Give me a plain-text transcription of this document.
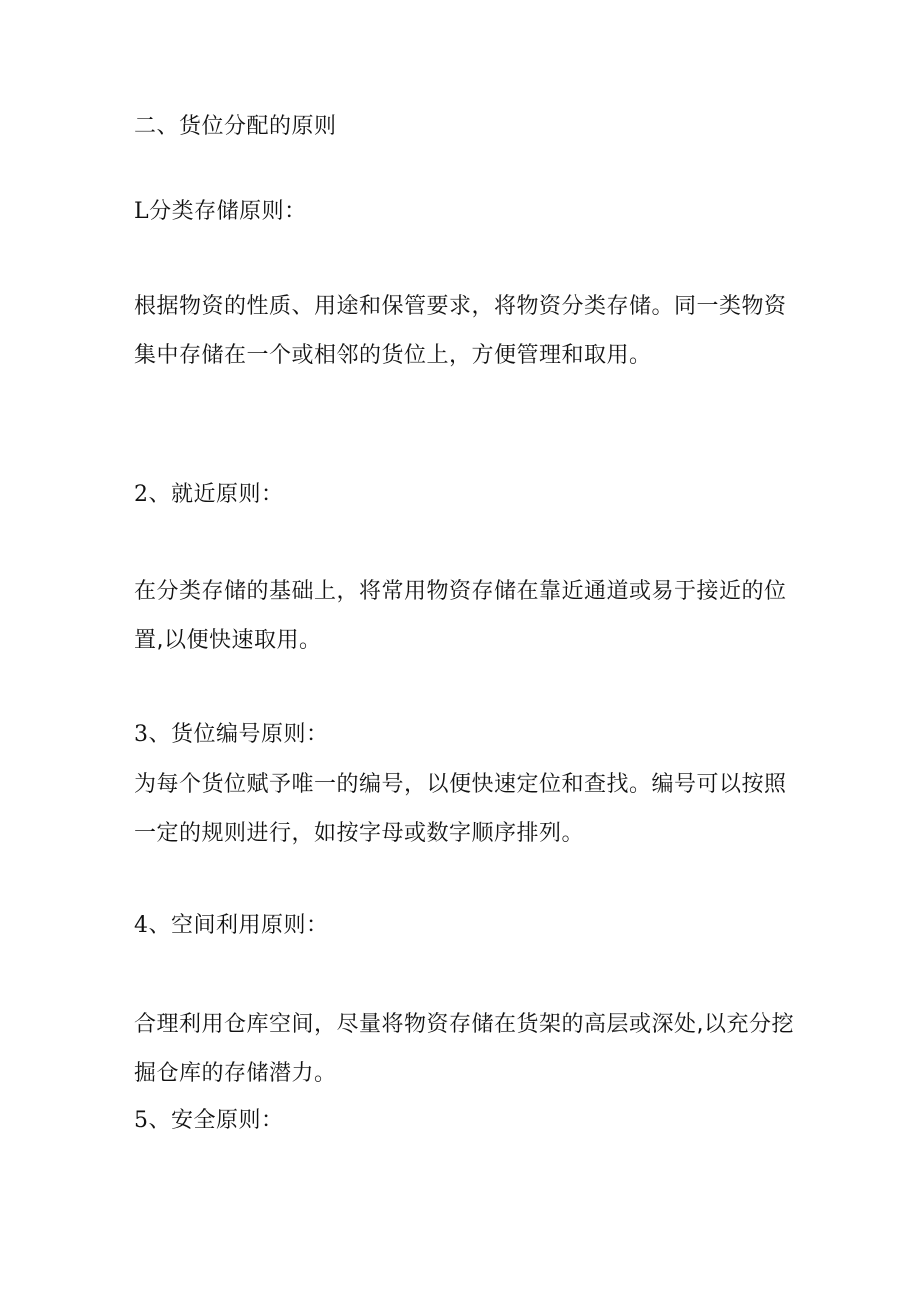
二、货位分配的原则
L分类存储原则：
根据物资的性质、用途和保管要求，将物资分类存储。同一类物资集中存储在一个或相邻的货位上，方便管理和取用。
2、就近原则：
在分类存储的基础上，将常用物资存储在靠近通道或易于接近的位置,以便快速取用。
3、货位编号原则：
为每个货位赋予唯一的编号，以便快速定位和查找。编号可以按照一定的规则进行，如按字母或数字顺序排列。
4、空间利用原则：
合理利用仓库空间，尽量将物资存储在货架的高层或深处,以充分挖掘仓库的存储潜力。
5、安全原则：
